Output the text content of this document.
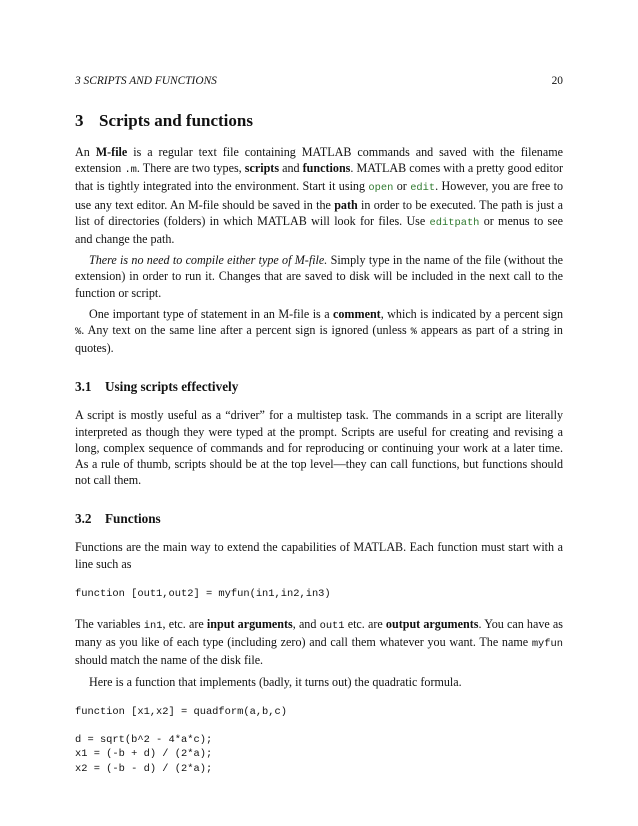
3 SCRIPTS AND FUNCTIONS	20
3 Scripts and functions

An M-file is a regular text file containing MATLAB commands and saved with the filename extension .m. There are two types, scripts and functions. MATLAB comes with a pretty good editor that is tightly integrated into the environment. Start it using open or edit. However, you are free to use any text editor. An M-file should be saved in the path in order to be executed. The path is just a list of directories (folders) in which MATLAB will look for files. Use editpath or menus to see and change the path.

There is no need to compile either type of M-file. Simply type in the name of the file (without the extension) in order to run it. Changes that are saved to disk will be included in the next call to the function or script.

One important type of statement in an M-file is a comment, which is indicated by a percent sign %. Any text on the same line after a percent sign is ignored (unless % appears as part of a string in quotes).

3.1 Using scripts effectively

A script is mostly useful as a “driver” for a multistep task. The commands in a script are literally interpreted as though they were typed at the prompt. Scripts are useful for creating and revising a long, complex sequence of commands and for reproducing or continuing your work at a later time. As a rule of thumb, scripts should be at the top level—they can call functions, but functions should not call them.

3.2 Functions

Functions are the main way to extend the capabilities of MATLAB. Each function must start with a line such as

function [out1,out2] = myfun(in1,in2,in3)

The variables in1, etc. are input arguments, and out1 etc. are output arguments. You can have as many as you like of each type (including zero) and call them whatever you want. The name myfun should match the name of the disk file.

Here is a function that implements (badly, it turns out) the quadratic formula.

function [x1,x2] = quadform(a,b,c)
d = sqrt(b^2 - 4*a*c);
x1 = (-b + d) / (2*a);
x2 = (-b - d) / (2*a);
